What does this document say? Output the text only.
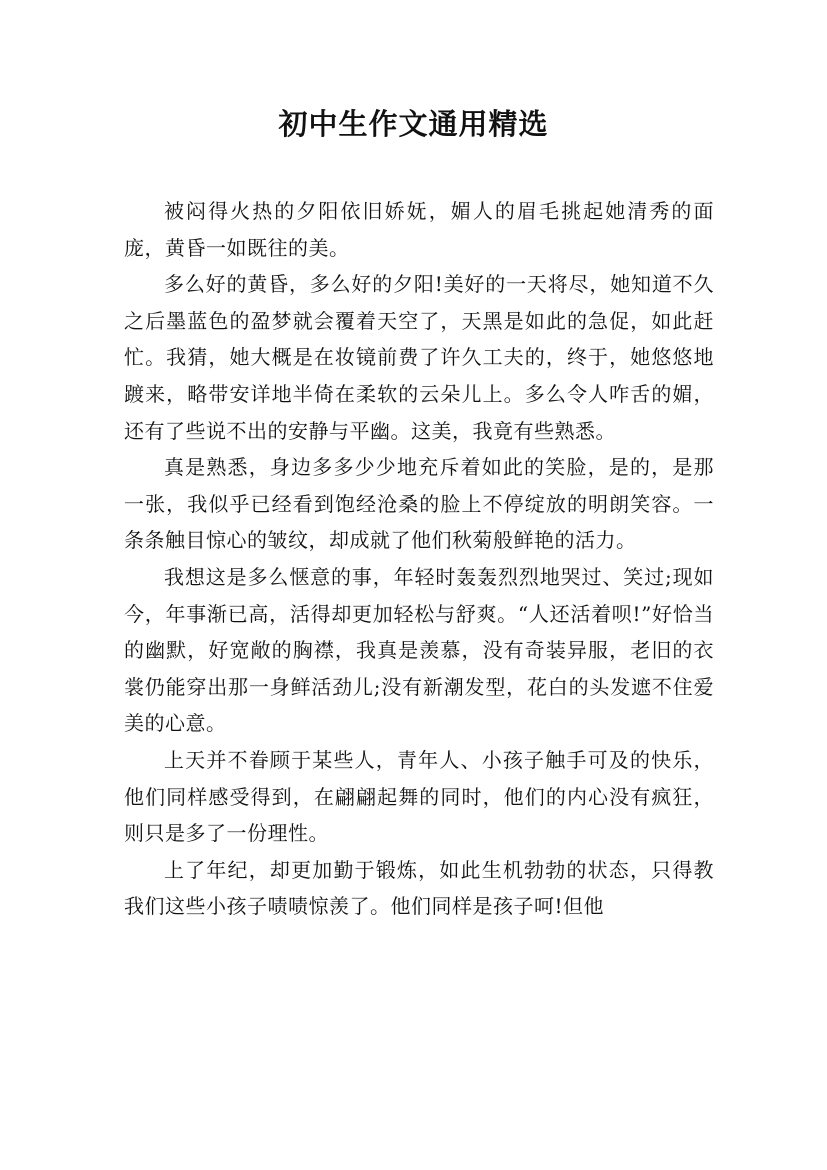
初中生作文通用精选

被闷得火热的夕阳依旧娇妩，媚人的眉毛挑起她清秀的面庞，黄昏一如既往的美。

多么好的黄昏，多么好的夕阳!美好的一天将尽，她知道不久之后墨蓝色的盈梦就会覆着天空了，天黑是如此的急促，如此赶忙。我猜，她大概是在妆镜前费了许久工夫的，终于，她悠悠地踱来，略带安详地半倚在柔软的云朵儿上。多么令人咋舌的媚，还有了些说不出的安静与平幽。这美，我竟有些熟悉。

真是熟悉，身边多多少少地充斥着如此的笑脸，是的，是那一张，我似乎已经看到饱经沧桑的脸上不停绽放的明朗笑容。一条条触目惊心的皱纹，却成就了他们秋菊般鲜艳的活力。

我想这是多么惬意的事，年轻时轰轰烈烈地哭过、笑过;现如今，年事渐已高，活得却更加轻松与舒爽。“人还活着呗!”好恰当的幽默，好宽敞的胸襟，我真是羡慕，没有奇装异服，老旧的衣裳仍能穿出那一身鲜活劲儿;没有新潮发型，花白的头发遮不住爱美的心意。

上天并不眷顾于某些人，青年人、小孩子触手可及的快乐，他们同样感受得到，在翩翩起舞的同时，他们的内心没有疯狂，则只是多了一份理性。

上了年纪，却更加勤于锻炼，如此生机勃勃的状态，只得教我们这些小孩子啧啧惊羡了。他们同样是孩子呵!但他
